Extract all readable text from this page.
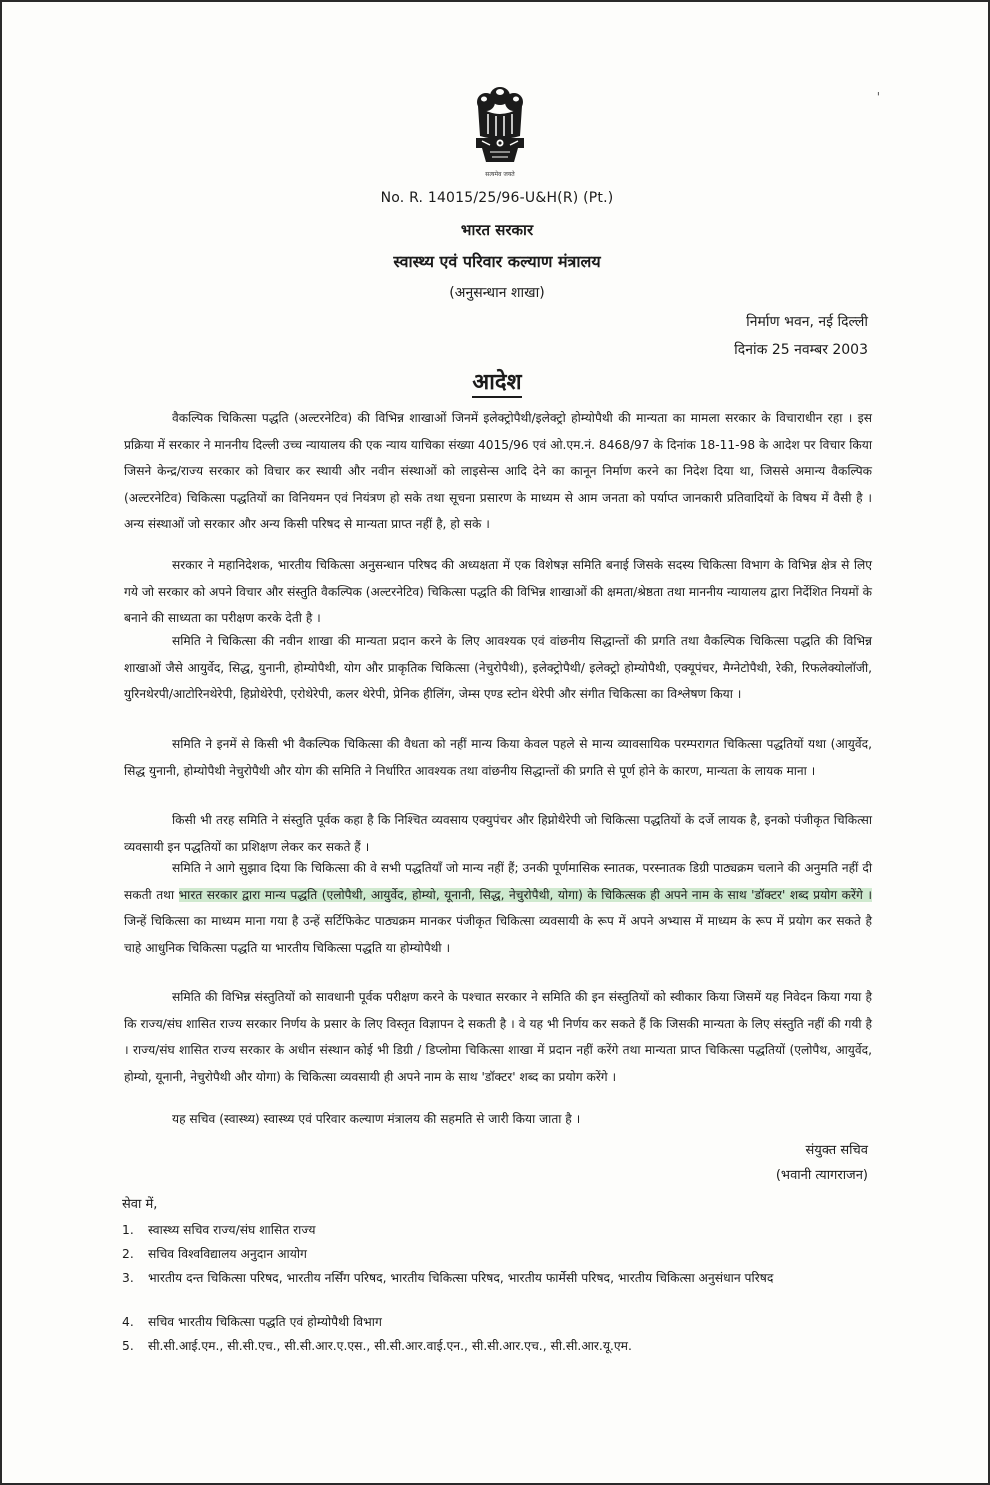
सत्यमेव जयते
'
No. R. 14015/25/96-U&H(R) (Pt.)
भारत सरकार
स्वास्थ्य एवं परिवार कल्याण मंत्रालय
(अनुसन्धान शाखा)
निर्माण भवन, नई दिल्ली
दिनांक 25 नवम्बर 2003
आदेश

वैकल्पिक चिकित्सा पद्धति (अल्टरनेटिव) की विभिन्न शाखाओं जिनमें इलेक्ट्रोपैथी/इलेक्ट्रो होम्योपैथी की मान्यता का मामला सरकार के विचाराधीन रहा । इस प्रक्रिया में सरकार ने माननीय दिल्ली उच्च न्यायालय की एक न्याय याचिका संख्या 4015/96 एवं ओ.एम.नं. 8468/97 के दिनांक 18-11-98 के आदेश पर विचार किया जिसने केन्द्र/राज्य सरकार को विचार कर स्थायी और नवीन संस्थाओं को लाइसेन्स आदि देने का कानून निर्माण करने का निदेश दिया था, जिससे अमान्य वैकल्पिक (अल्टरनेटिव) चिकित्सा पद्धतियों का विनियमन एवं नियंत्रण हो सके तथा सूचना प्रसारण के माध्यम से आम जनता को पर्याप्त जानकारी प्रतिवादियों के विषय में वैसी है । अन्य संस्थाओं जो सरकार और अन्य किसी परिषद से मान्यता प्राप्त नहीं है, हो सके ।

सरकार ने महानिदेशक, भारतीय चिकित्सा अनुसन्धान परिषद की अध्यक्षता में एक विशेषज्ञ समिति बनाई जिसके सदस्य चिकित्सा विभाग के विभिन्न क्षेत्र से लिए गये जो सरकार को अपने विचार और संस्तुति वैकल्पिक (अल्टरनेटिव) चिकित्सा पद्धति की विभिन्न शाखाओं की क्षमता/श्रेष्ठता तथा माननीय न्यायालय द्वारा निर्देशित नियमों के बनाने की साध्यता का परीक्षण करके देती है ।

समिति ने चिकित्सा की नवीन शाखा की मान्यता प्रदान करने के लिए आवश्यक एवं वांछनीय सिद्धान्तों की प्रगति तथा वैकल्पिक चिकित्सा पद्धति की विभिन्न शाखाओं जैसे आयुर्वेद, सिद्ध, युनानी, होम्योपैथी, योग और प्राकृतिक चिकित्सा (नेचुरोपैथी), इलेक्ट्रोपैथी/ इलेक्ट्रो होम्योपैथी, एक्यूपंचर, मैग्नेटोपैथी, रेकी, रिफलेक्योलॉजी, युरिनथेरपी/आटोरिनथेरेपी, हिप्नोथेरेपी, एरोथेरेपी, कलर थेरेपी, प्रेनिक हीलिंग, जेम्स एण्ड स्टोन थेरेपी और संगीत चिकित्सा का विश्लेषण किया ।

समिति ने इनमें से किसी भी वैकल्पिक चिकित्सा की वैधता को नहीं मान्य किया केवल पहले से मान्य व्यावसायिक परम्परागत चिकित्सा पद्धतियों यथा (आयुर्वेद, सिद्ध युनानी, होम्योपैथी नेचुरोपैथी और योग की समिति ने निर्धारित आवश्यक तथा वांछनीय सिद्धान्तों की प्रगति से पूर्ण होने के कारण, मान्यता के लायक माना ।

किसी भी तरह समिति ने संस्तुति पूर्वक कहा है कि निश्चित व्यवसाय एक्युपंचर और हिप्नोथैरेपी जो चिकित्सा पद्धतियों के दर्जे लायक है, इनको पंजीकृत चिकित्सा व्यवसायी इन पद्धतियों का प्रशिक्षण लेकर कर सकते हैं ।

समिति ने आगे सुझाव दिया कि चिकित्सा की वे सभी पद्धतियाँ जो मान्य नहीं हैं; उनकी पूर्णमासिक स्नातक, परस्नातक डिग्री पाठ्यक्रम चलाने की अनुमति नहीं दी सकती तथा भारत सरकार द्वारा मान्य पद्धति (एलोपैथी, आयुर्वेद, होम्यो, यूनानी, सिद्ध, नेचुरोपैथी, योगा) के चिकित्सक ही अपने नाम के साथ 'डॉक्टर' शब्द प्रयोग करेंगे । जिन्हें चिकित्सा का माध्यम माना गया है उन्हें सर्टिफिकेट पाठ्यक्रम मानकर पंजीकृत चिकित्सा व्यवसायी के रूप में अपने अभ्यास में माध्यम के रूप में प्रयोग कर सकते है चाहे आधुनिक चिकित्सा पद्धति या भारतीय चिकित्सा पद्धति या होम्योपैथी ।

समिति की विभिन्न संस्तुतियों को सावधानी पूर्वक परीक्षण करने के पश्चात सरकार ने समिति की इन संस्तुतियों को स्वीकार किया जिसमें यह निवेदन किया गया है कि राज्य/संघ शासित राज्य सरकार निर्णय के प्रसार के लिए विस्तृत विज्ञापन दे सकती है । वे यह भी निर्णय कर सकते हैं कि जिसकी मान्यता के लिए संस्तुति नहीं की गयी है । राज्य/संघ शासित राज्य सरकार के अधीन संस्थान कोई भी डिग्री / डिप्लोमा चिकित्सा शाखा में प्रदान नहीं करेंगे तथा मान्यता प्राप्त चिकित्सा पद्धतियों (एलोपैथ, आयुर्वेद, होम्यो, यूनानी, नेचुरोपैथी और योगा) के चिकित्सा व्यवसायी ही अपने नाम के साथ 'डॉक्टर' शब्द का प्रयोग करेंगे ।

यह सचिव (स्वास्थ्य) स्वास्थ्य एवं परिवार कल्याण मंत्रालय की सहमति से जारी किया जाता है ।

संयुक्त सचिव
(भवानी त्यागराजन)
सेवा में,
1. स्वास्थ्य सचिव राज्य/संघ शासित राज्य
2. सचिव विश्वविद्यालय अनुदान आयोग
3. भारतीय दन्त चिकित्सा परिषद, भारतीय नर्सिंग परिषद, भारतीय चिकित्सा परिषद, भारतीय फार्मेसी परिषद, भारतीय चिकित्सा अनुसंधान परिषद
4. सचिव भारतीय चिकित्सा पद्धति एवं होम्योपैथी विभाग
5. सी.सी.आई.एम., सी.सी.एच., सी.सी.आर.ए.एस., सी.सी.आर.वाई.एन., सी.सी.आर.एच., सी.सी.आर.यू.एम.
